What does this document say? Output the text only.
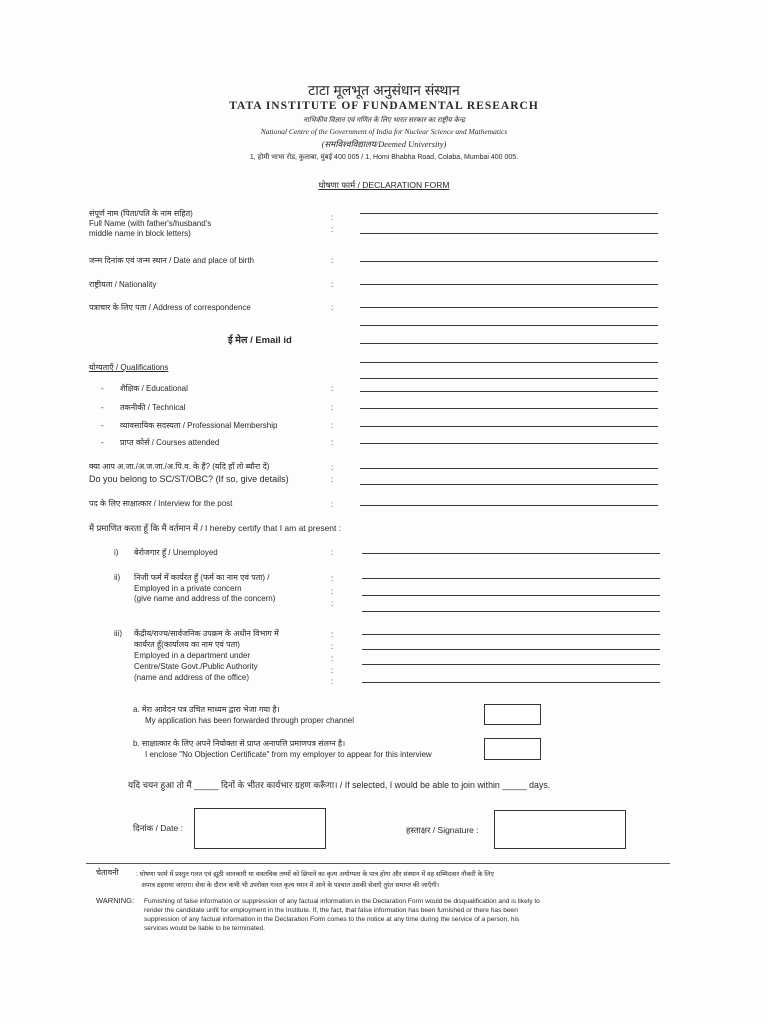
टाटा मूलभूत अनुसंधान संस्थान
TATA INSTITUTE OF FUNDAMENTAL RESEARCH
नाभिकीय विज्ञान एवं गणित के लिए भारत सरकार का राष्ट्रीय केन्द्र
National Centre of the Government of India for Nuclear Science and Mathematics
(समविश्वविद्यालय/Deemed University)
1, होमी भाभा रोड, कुलाबा, मुंबई 400 005 / 1, Homi Bhabha Road, Colaba, Mumbai 400 005.
घोषणा फार्म / DECLARATION FORM
संपूर्ण नाम (पिता/पति के नाम सहित)
Full Name (with father's/husband's
middle name in block letters)
:
:
जन्म दिनांक एवं जन्म स्थान / Date and place of birth	:
राष्ट्रीयता / Nationality	:
पत्राचार के लिए पता / Address of correspondence	:
ई मेल / Email id
योग्यताएँ / Qualifications
- शैक्षिक / Educational	:
- तकनीकी / Technical	:
- व्यावसायिक सदस्यता / Professional Membership	:
- प्राप्त कोर्स / Courses attended	:
क्या आप अ.जा./अ.ज.जा./अ.पि.व. के हैं? (यदि हाँ तो ब्यौरा दें)
Do you belong to SC/ST/OBC? (If so, give details)
:
:
पद के लिए साक्षात्कार / Interview for the post	:
मैं प्रमाणित करता हूँ कि मैं वर्तमान में / I hereby certify that I am at present :
i) बेरोजगार हूँ / Unemployed	:
ii) निजी फर्म में कार्यरत हूँ (फर्म का नाम एवं पता) /
Employed in a private concern
(give name and address of the concern)
:
:
:
iii) केंद्रीय/राज्य/सार्वजनिक उपक्रम के अधीन विभाग में
कार्यरत हूँ(कार्यालय का नाम एवं पता)
Employed in a department under
Centre/State Govt./Public Authority
(name and address of the office)
:
:
:
:
:
a. मेरा आवेदन पत्र उचित माध्यम द्वारा भेजा गया है।
My application has been forwarded through proper channel
b. साक्षात्कार के लिए अपने नियोक्ता से प्राप्त अनापत्ति प्रमाणपत्र संलग्न है।
I enclose "No Objection Certificate" from my employer to appear for this interview
यदि चयन हुआ तो मैं _____ दिनों के भीतर कार्यभार ग्रहण करूँगा। / If selected, I would be able to join within _____ days.
दिनांक / Date :	हस्ताक्षर / Signature :
चेतावनी	: घोषणा फार्म में प्रस्तुत गलत एवं झूठी जानकारी या वास्तविक तथ्यों को छिपाने का कृत्य अयोग्यता के पात्र होगा और संस्थान में वह सम्मिदवार नौकरी के लिए
अपात्र ठहराया जाएगा। सेवा के दौरान कभी भी उपरोक्त गलत कृत्य ध्यान में आने के पश्चात उसकी सेवाएँ तुरंत समाप्त की जाएँगी।
WARNING: Furnishing of false information or suppression of any factual information in the Declaration Form would be disqualification and is likely to
render the candidate unfit for employment in the Institute. If, the fact, that false information has been furnished or there has been
suppression of any factual information in the Declaration Form comes to the notice at any time during the service of a person, his
services would be liable to be terminated.
